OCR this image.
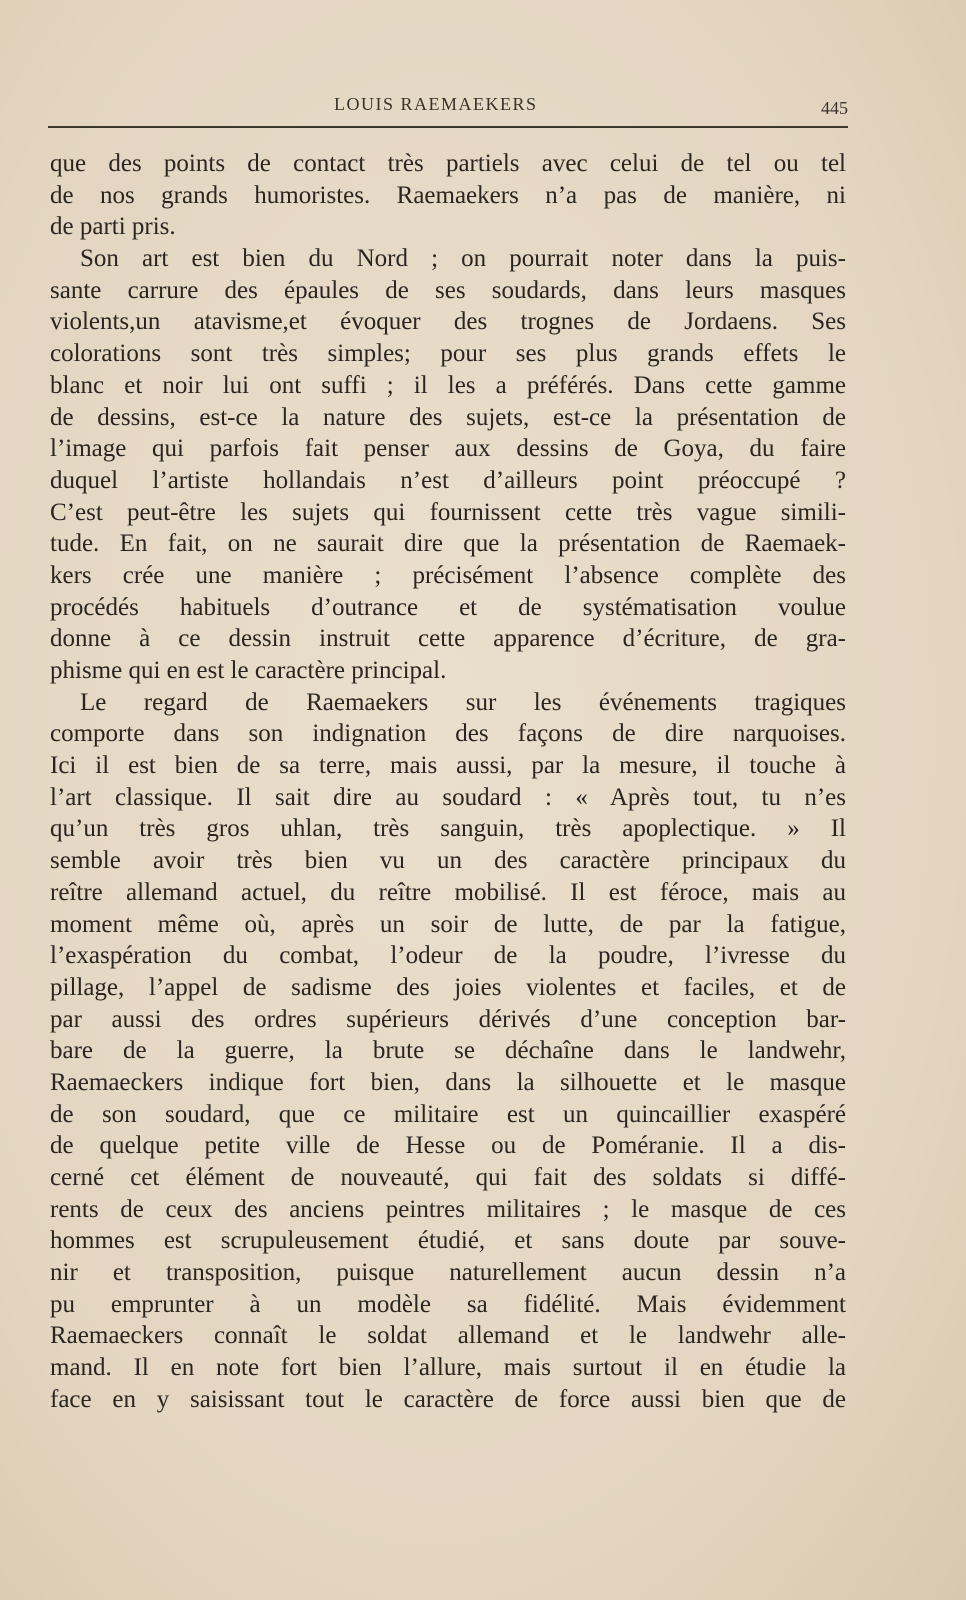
LOUIS RAEMAEKERS	445
que des points de contact très partiels avec celui de tel ou tel
de nos grands humoristes. Raemaekers n’a pas de manière, ni
de parti pris.
Son art est bien du Nord ; on pourrait noter dans la puis-
sante carrure des épaules de ses soudards, dans leurs masques
violents,un atavisme,et évoquer des trognes de Jordaens. Ses
colorations sont très simples; pour ses plus grands effets le
blanc et noir lui ont suffi ; il les a préférés. Dans cette gamme
de dessins, est-ce la nature des sujets, est-ce la présentation de
l’image qui parfois fait penser aux dessins de Goya, du faire
duquel l’artiste hollandais n’est d’ailleurs point préoccupé ?
C’est peut-être les sujets qui fournissent cette très vague simili-
tude. En fait, on ne saurait dire que la présentation de Raemaek-
kers crée une manière ; précisément l’absence complète des
procédés habituels d’outrance et de systématisation voulue
donne à ce dessin instruit cette apparence d’écriture, de gra-
phisme qui en est le caractère principal.
Le regard de Raemaekers sur les événements tragiques
comporte dans son indignation des façons de dire narquoises.
Ici il est bien de sa terre, mais aussi, par la mesure, il touche à
l’art classique. Il sait dire au soudard : « Après tout, tu n’es
qu’un très gros uhlan, très sanguin, très apoplectique. » Il
semble avoir très bien vu un des caractère principaux du
reître allemand actuel, du reître mobilisé. Il est féroce, mais au
moment même où, après un soir de lutte, de par la fatigue,
l’exaspération du combat, l’odeur de la poudre, l’ivresse du
pillage, l’appel de sadisme des joies violentes et faciles, et de
par aussi des ordres supérieurs dérivés d’une conception bar-
bare de la guerre, la brute se déchaîne dans le landwehr,
Raemaeckers indique fort bien, dans la silhouette et le masque
de son soudard, que ce militaire est un quincaillier exaspéré
de quelque petite ville de Hesse ou de Poméranie. Il a dis-
cerné cet élément de nouveauté, qui fait des soldats si diffé-
rents de ceux des anciens peintres militaires ; le masque de ces
hommes est scrupuleusement étudié, et sans doute par souve-
nir et transposition, puisque naturellement aucun dessin n’a
pu emprunter à un modèle sa fidélité. Mais évidemment
Raemaeckers connaît le soldat allemand et le landwehr alle-
mand. Il en note fort bien l’allure, mais surtout il en étudie la
face en y saisissant tout le caractère de force aussi bien que de
